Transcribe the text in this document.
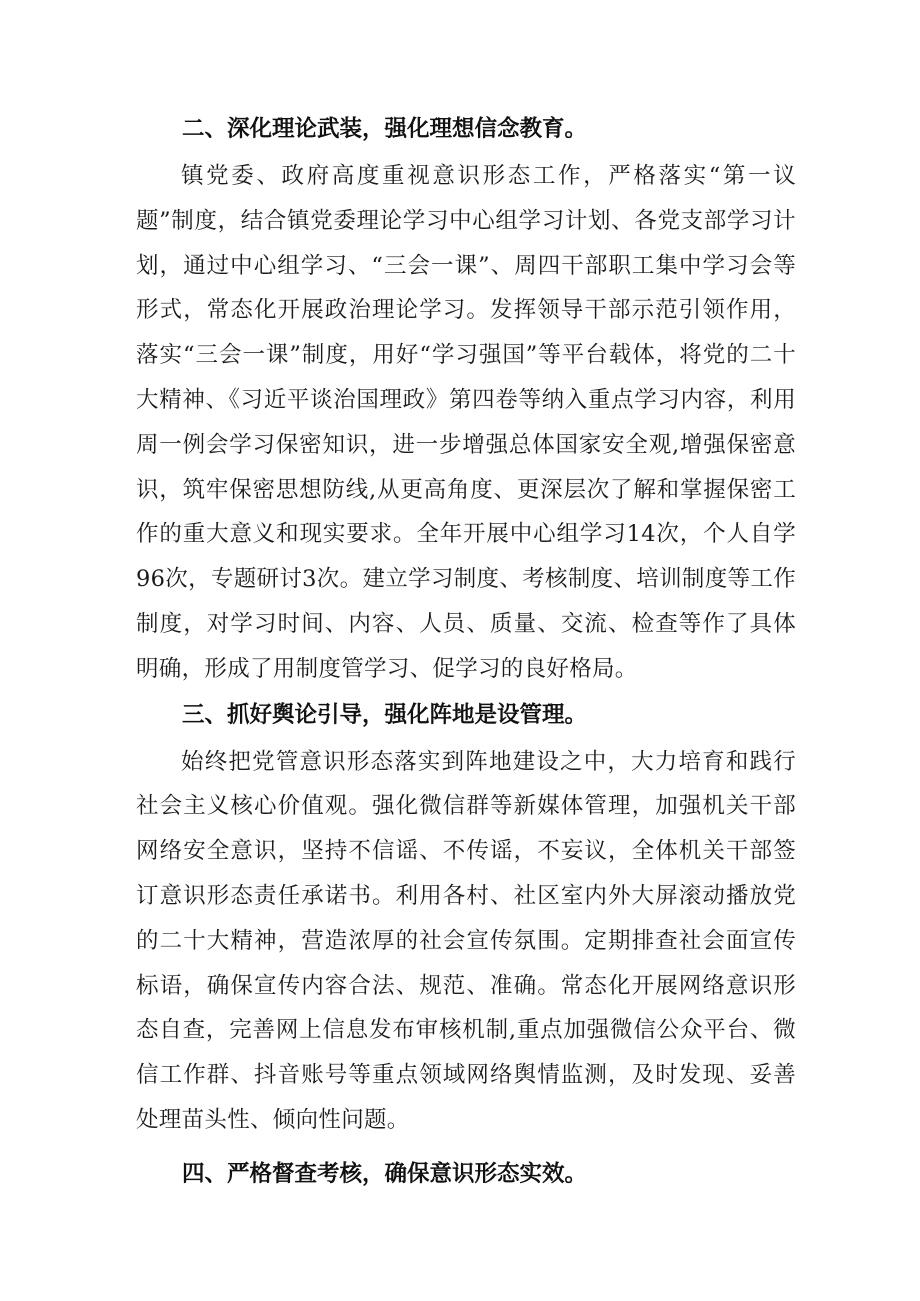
二、深化理论武装，强化理想信念教育。

镇党委、政府高度重视意识形态工作，严格落实“第一议题”制度，结合镇党委理论学习中心组学习计划、各党支部学习计划，通过中心组学习、“三会一课”、周四干部职工集中学习会等形式，常态化开展政治理论学习。发挥领导干部示范引领作用，落实“三会一课”制度，用好“学习强国”等平台载体，将党的二十大精神、《习近平谈治国理政》第四卷等纳入重点学习内容，利用周一例会学习保密知识，进一步增强总体国家安全观,增强保密意识，筑牢保密思想防线,从更高角度、更深层次了解和掌握保密工作的重大意义和现实要求。全年开展中心组学习14次，个人自学96次，专题研讨3次。建立学习制度、考核制度、培训制度等工作制度，对学习时间、内容、人员、质量、交流、检查等作了具体明确，形成了用制度管学习、促学习的良好格局。

三、抓好舆论引导，强化阵地是设管理。

始终把党管意识形态落实到阵地建设之中，大力培育和践行社会主义核心价值观。强化微信群等新媒体管理，加强机关干部网络安全意识，坚持不信谣、不传谣，不妄议，全体机关干部签订意识形态责任承诺书。利用各村、社区室内外大屏滚动播放党的二十大精神，营造浓厚的社会宣传氛围。定期排查社会面宣传标语，确保宣传内容合法、规范、准确。常态化开展网络意识形态自查，完善网上信息发布审核机制,重点加强微信公众平台、微信工作群、抖音账号等重点领域网络舆情监测，及时发现、妥善处理苗头性、倾向性问题。

四、严格督查考核，确保意识形态实效。
